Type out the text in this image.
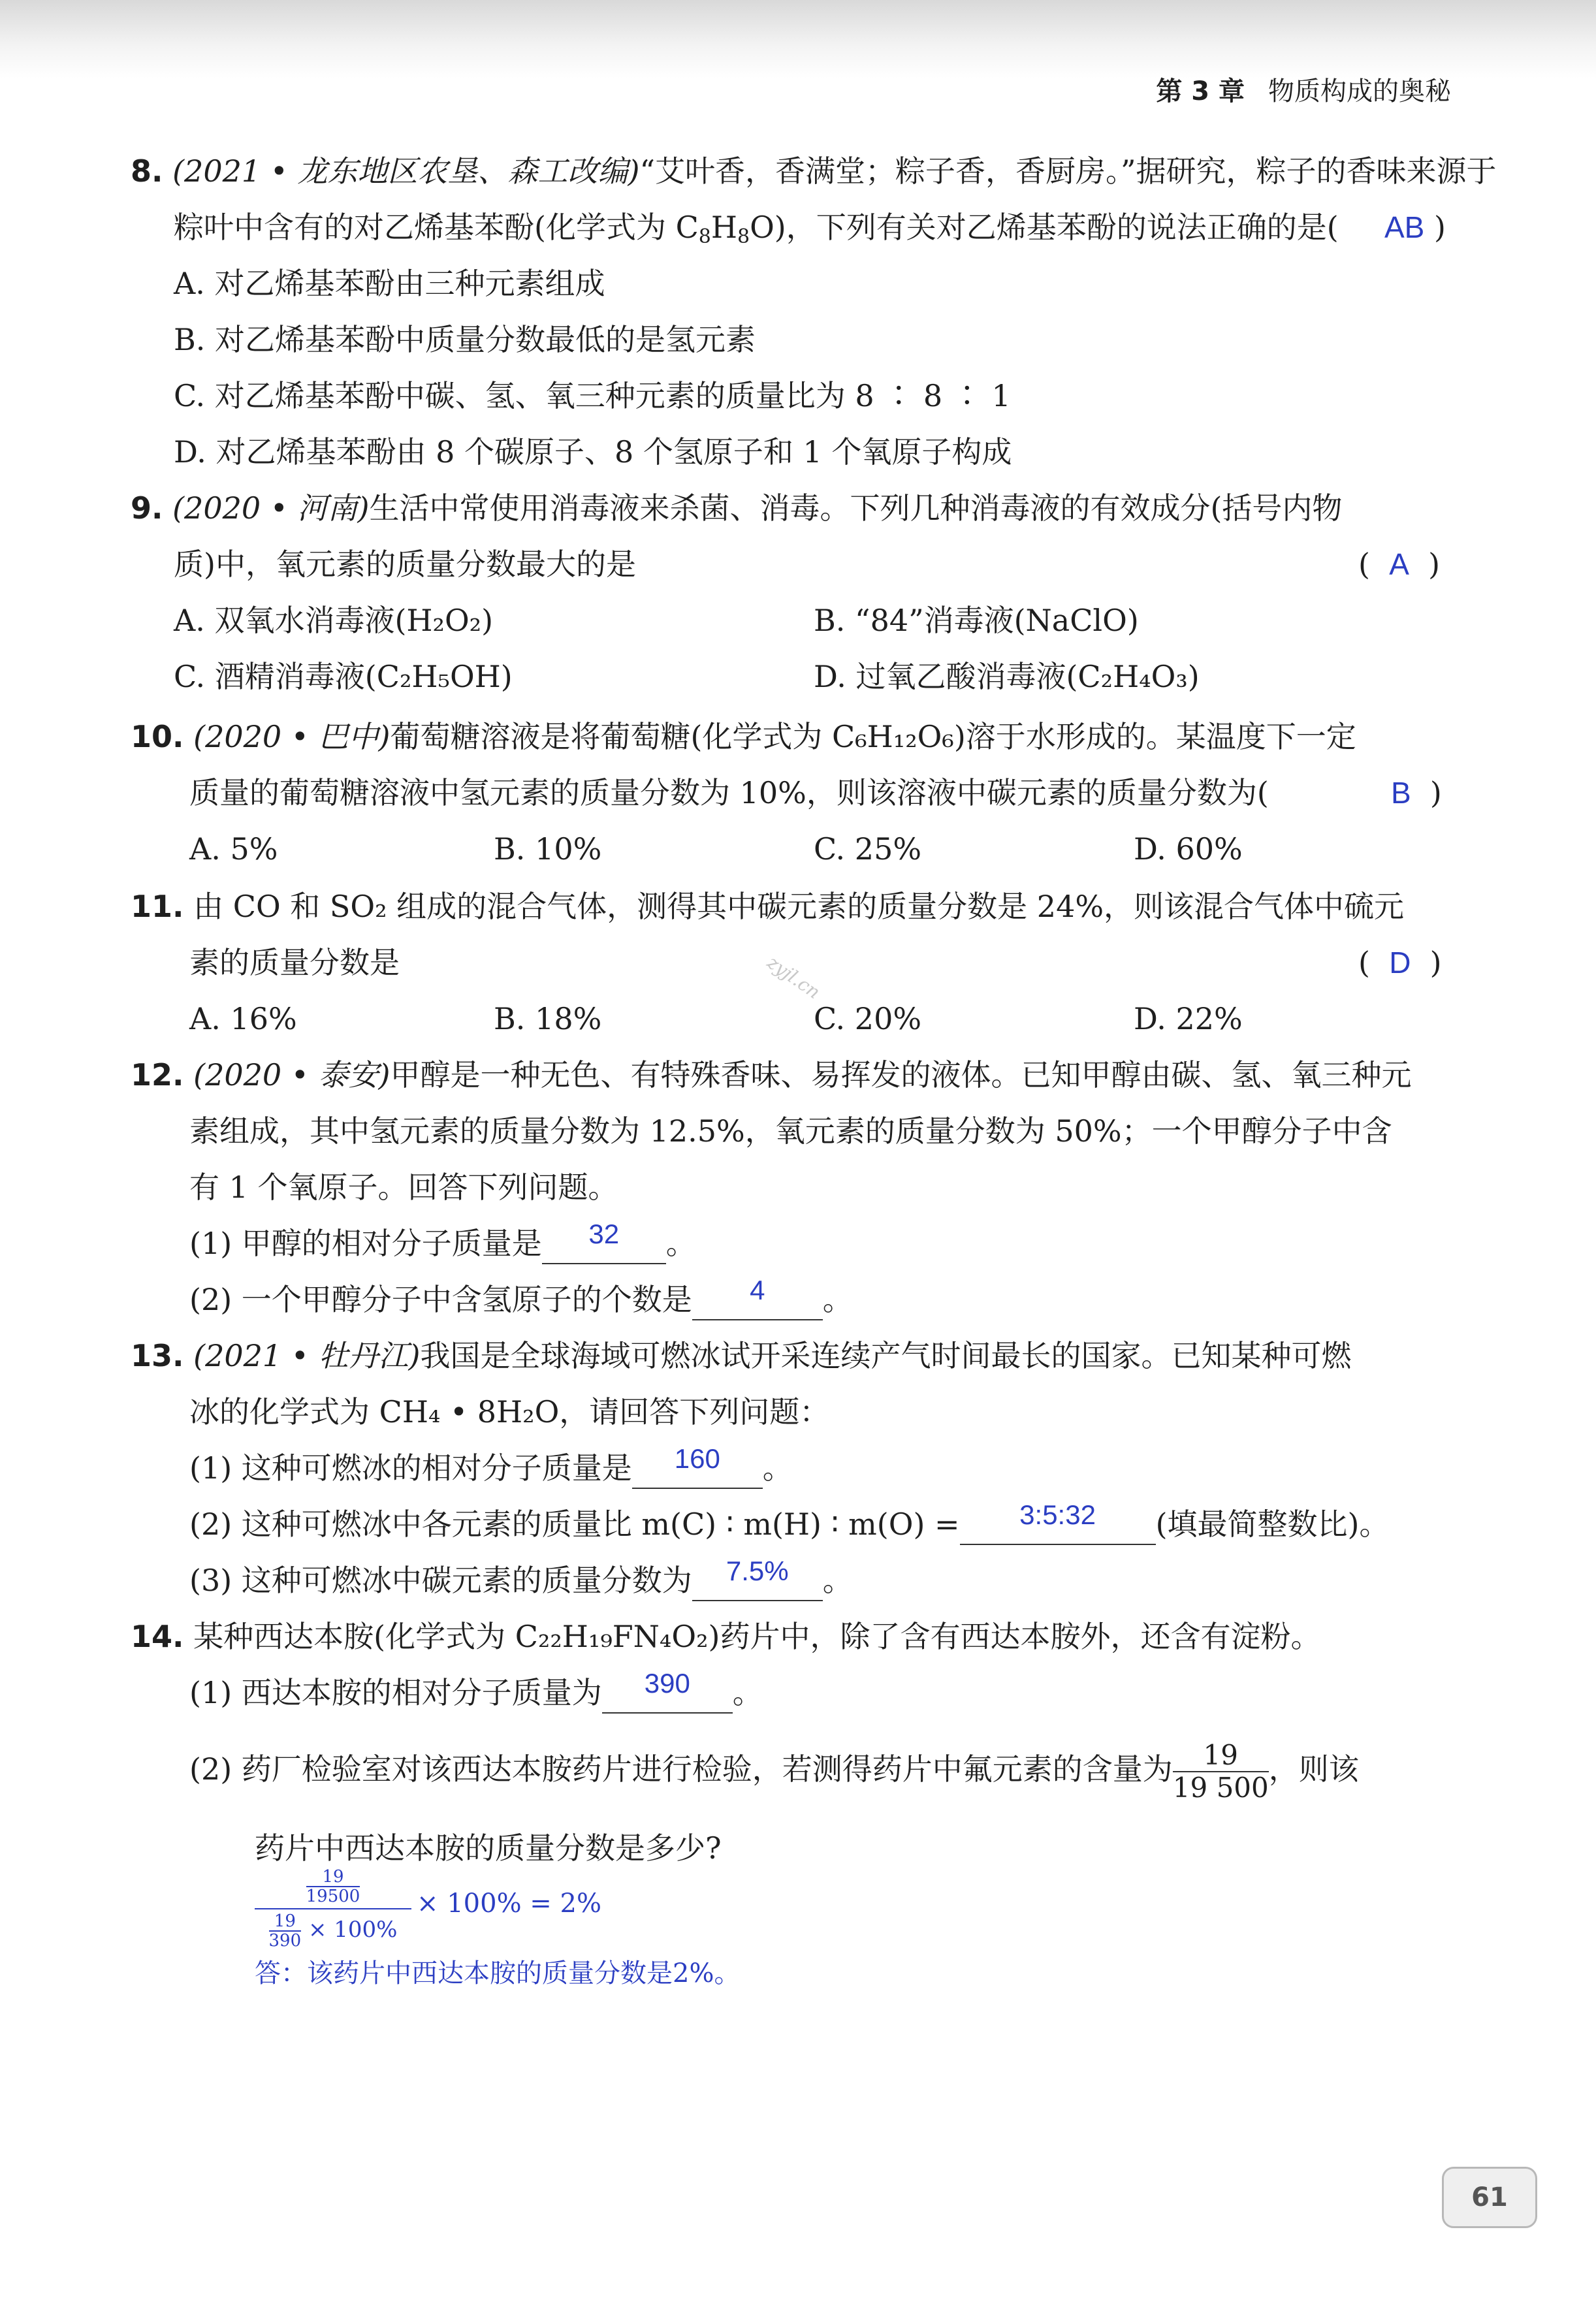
第 3 章 物质构成的奥秘
8. (2021 • 龙东地区农垦、森工改编)“艾叶香，香满堂；粽子香，香厨房。”据研究，粽子的香味来源于
粽叶中含有的对乙烯基苯酚(化学式为 $C_8H_8O$)，下列有关对乙烯基苯酚的说法正确的是( AB )
A. 对乙烯基苯酚由三种元素组成
B. 对乙烯基苯酚中质量分数最低的是氢元素
C. 对乙烯基苯酚中碳、氢、氧三种元素的质量比为 8 ∶ 8 ∶ 1
D. 对乙烯基苯酚由 8 个碳原子、8 个氢原子和 1 个氧原子构成
9. (2020 • 河南)生活中常使用消毒液来杀菌、消毒。下列几种消毒液的有效成分(括号内物
质)中，氧元素的质量分数最大的是	(  A  )
A. 双氧水消毒液(H₂O₂)	B. “84”消毒液(NaClO)
C. 酒精消毒液(C₂H₅OH)	D. 过氧乙酸消毒液(C₂H₄O₃)
10. (2020 • 巴中)葡萄糖溶液是将葡萄糖(化学式为 C₆H₁₂O₆)溶于水形成的。某温度下一定
质量的葡萄糖溶液中氢元素的质量分数为 10%，则该溶液中碳元素的质量分数为(	B  )
A. 5%	B. 10%	C. 25%	D. 60%
11. 由 CO 和 SO₂ 组成的混合气体，测得其中碳元素的质量分数是 24%，则该混合气体中硫元
素的质量分数是	(  D  )
zyjl.cn
A. 16%	B. 18%	C. 20%	D. 22%
12. (2020 • 泰安)甲醇是一种无色、有特殊香味、易挥发的液体。已知甲醇由碳、氢、氧三种元
素组成，其中氢元素的质量分数为 12.5%，氧元素的质量分数为 50%；一个甲醇分子中含
有 1 个氧原子。回答下列问题。
(1) 甲醇的相对分子质量是 32 。
(2) 一个甲醇分子中含氢原子的个数是 4 。
13. (2021 • 牡丹江)我国是全球海域可燃冰试开采连续产气时间最长的国家。已知某种可燃
冰的化学式为 CH₄ • 8H₂O，请回答下列问题：
(1) 这种可燃冰的相对分子质量是 160 。
(2) 这种可燃冰中各元素的质量比 m(C) ∶ m(H) ∶ m(O) = 3:5:32 (填最简整数比)。
(3) 这种可燃冰中碳元素的质量分数为 7.5% 。
14. 某种西达本胺(化学式为 C₂₂H₁₉FN₄O₂)药片中，除了含有西达本胺外，还含有淀粉。
(1) 西达本胺的相对分子质量为 390 。
(2) 药厂检验室对该西达本胺药片进行检验，若测得药片中氟元素的含量为 $\frac{19}{19 500}$ ，则该
药片中西达本胺的质量分数是多少?
$\frac{19}{19500}$
$\frac{19}{390} \times 100\%$
× 100% = 2%
答：该药片中西达本胺的质量分数是2%。
61
